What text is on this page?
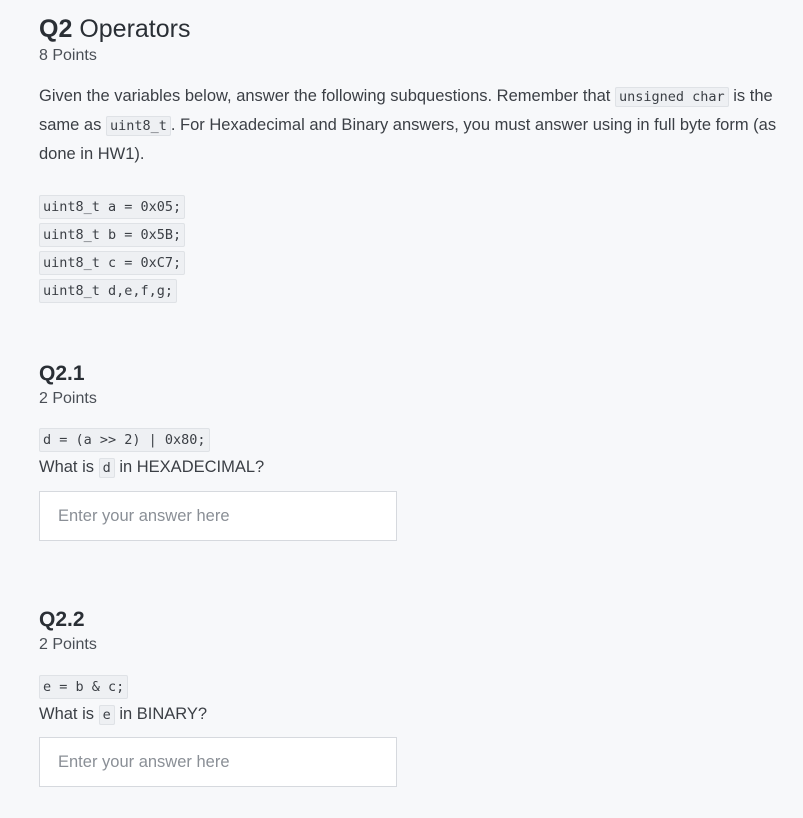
Q2 Operators
8 Points
Given the variables below, answer the following subquestions. Remember that unsigned char is the same as uint8_t . For Hexadecimal and Binary answers, you must answer using in full byte form (as done in HW1).
uint8_t a = 0x05;
uint8_t b = 0x5B;
uint8_t c = 0xC7;
uint8_t d,e,f,g;
Q2.1
2 Points
d = (a >> 2) | 0x80;
What is d in HEXADECIMAL?
Enter your answer here
Q2.2
2 Points
e = b & c;
What is e in BINARY?
Enter your answer here
